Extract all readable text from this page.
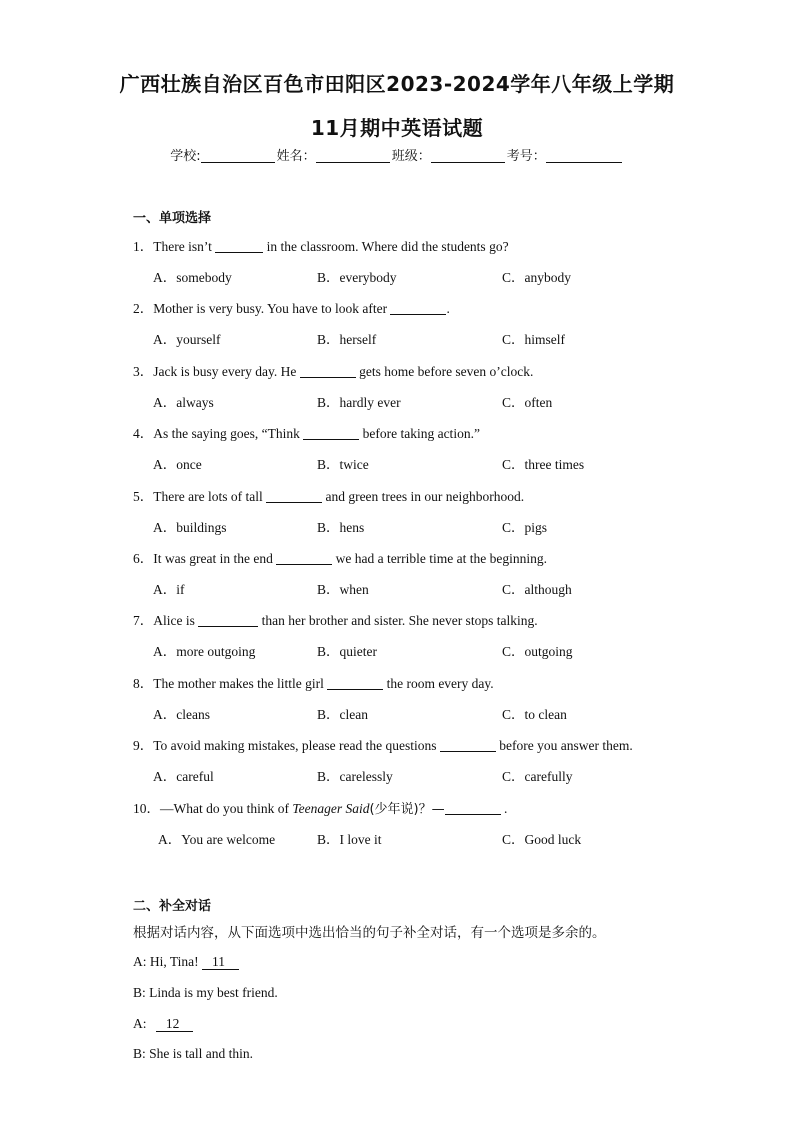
广西壮族自治区百色市田阳区2023-2024学年八年级上学期
11月期中英语试题
学校:	姓名：	班级：	考号：
一、单项选择
1．There isn’t	in the classroom. Where did the students go?
A．somebody	B．everybody	C．anybody
2．Mother is very busy. You have to look after	.
A．yourself	B．herself	C．himself
3．Jack is busy every day. He	gets home before seven o’clock.
A．always	B．hardly ever	C．often
4．As the saying goes, “Think	before taking action.”
A．once	B．twice	C．three times
5．There are lots of tall	and green trees in our neighborhood.
A．buildings	B．hens	C．pigs
6．It was great in the end	we had a terrible time at the beginning.
A．if	B．when	C．although
7．Alice is	than her brother and sister. She never stops talking.
A．more outgoing	B．quieter	C．outgoing
8．The mother makes the little girl	the room every day.
A．cleans	B．clean	C．to clean
9．To avoid making mistakes, please read the questions	before you answer them.
A．careful	B．carelessly	C．carefully
10．—What do you think of Teenager Said(少年说)？—	.
A．You are welcome	B．I love it	C．Good luck
二、补全对话
根据对话内容，从下面选项中选出恰当的句子补全对话，有一个选项是多余的。
A: Hi, Tina! 11
B: Linda is my best friend.
A: 12
B: She is tall and thin.
